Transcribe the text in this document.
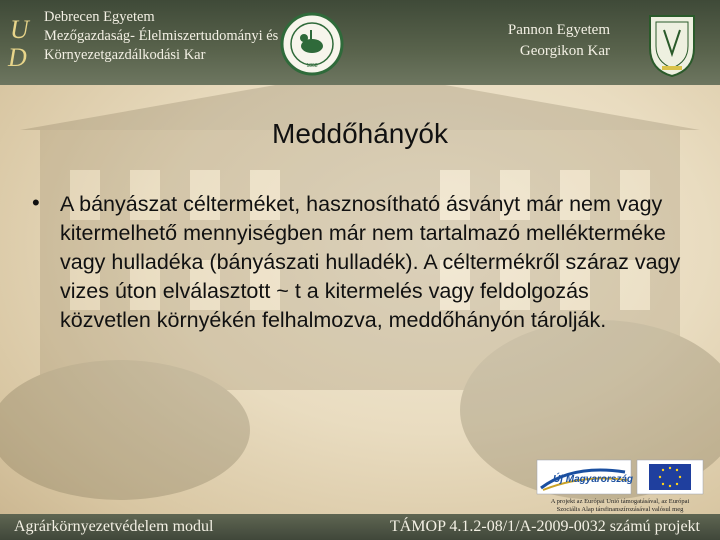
U
D
Debrecen Egyetem
Mezőgazdaság- Élelmiszertudományi és
Környezetgazdálkodási Kar
1868
Pannon Egyetem
Georgikon Kar
Meddőhányók
• A bányászat célterméket, hasznosítható ásványt már nem vagy kitermelhető mennyiségben már nem tartalmazó mellékterméke vagy hulladéka (bányászati hulladék). A céltermékről száraz vagy vizes úton elválasztott ~ t a kitermelés vagy feldolgozás közvetlen környékén felhalmozva, meddőhányón tárolják.
Új Magyarország
A projekt az Európai Unió támogatásával, az Európai
Szociális Alap társfinanszírozásával valósul meg
Agrárkörnyezetvédelem modul	TÁMOP 4.1.2-08/1/A-2009-0032 számú projekt
